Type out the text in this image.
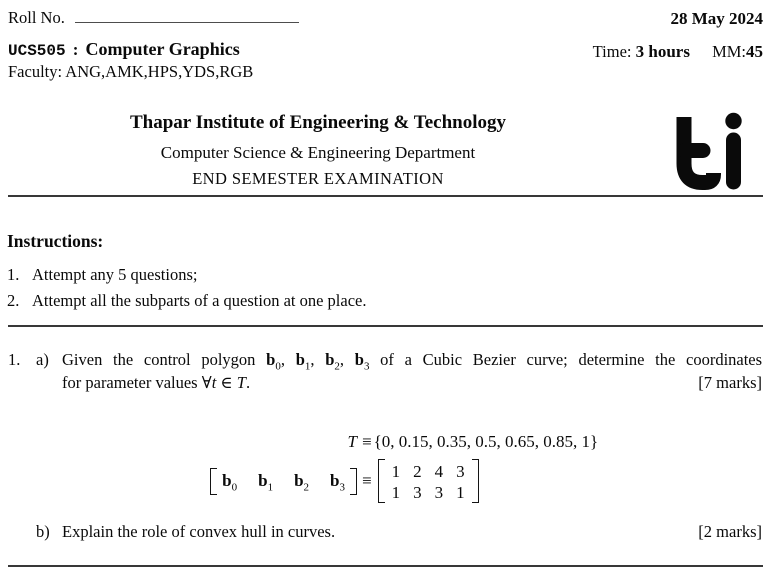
Roll No.	28 May 2024
UCS505 : Computer Graphics	Time: 3 hours MM:45
Faculty: ANG,AMK,HPS,YDS,RGB
Thapar Institute of Engineering & Technology
Computer Science & Engineering Department
END SEMESTER EXAMINATION
Instructions:
1. Attempt any 5 questions;
2. Attempt all the subparts of a question at one place.
1. a) Given the control polygon $b_0$, $b_1$, $b_2$, $b_3$ of a Cubic Bezier curve; determine the coordinates
for parameter values ∀t ∈ T.	[7 marks]
T ≡ {0, 0.15, 0.35, 0.5, 0.65, 0.85, 1}
$b_0$ $b_1$ $b_2$ $b_3 \equiv 1$ 2 4 3
1 3 3 1
b) Explain the role of convex hull in curves.	[2 marks]
